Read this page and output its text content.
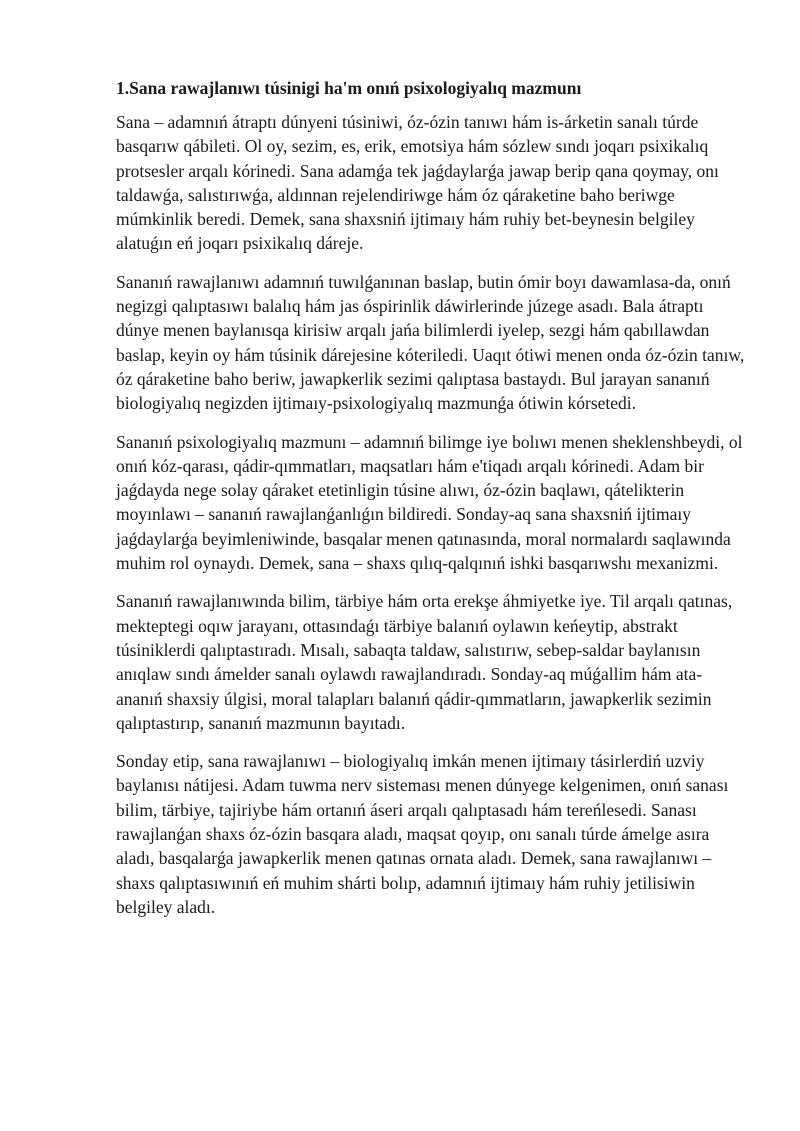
1.Sana rawajlanıwı túsinigi ha'm onıń psixologiyalıq mazmunı

Sana – adamnıń átraptı dúnyeni túsiniwi, óz-ózin tanıwı hám is-árketin sanalı túrde basqarıw qábileti. Ol oy, sezim, es, erik, emotsiya hám sózlew sındı joqarı psixikalıq protsesler arqalı kórinedi. Sana adamǵa tek jaǵdaylarǵa jawap berip qana qoymay, onı taldawǵa, salıstırıwǵa, aldınnan rejelendiriwge hám óz qáraketine baho beriwge múmkinlik beredi. Demek, sana shaxsniń ijtimaıy hám ruhiy bet-beynesin belgiley alatuǵın eń joqarı psixikalıq dáreje.

Sananıń rawajlanıwı adamnıń tuwılǵanınan baslap, butin ómir boyı dawamlasa-da, onıń negizgi qalıptasıwı balalıq hám jas óspirinlik dáwirlerinde júzege asadı. Bala átraptı dúnye menen baylanısqa kirisiw arqalı jańa bilimlerdi iyelep, sezgi hám qabıllawdan baslap, keyin oy hám túsinik dárejesine kóteriledi. Uaqıt ótiwi menen onda óz-ózin tanıw, óz qáraketine baho beriw, jawapkerlik sezimi qalıptasa bastaydı. Bul jarayan sananıń biologiyalıq negizden ijtimaıy-psixologiyalıq mazmunǵa ótiwin kórsetedi.

Sananıń psixologiyalıq mazmunı – adamnıń bilimge iye bolıwı menen sheklenshbeydi, ol onıń kóz-qarası, qádir-qımmatları, maqsatları hám e'tiqadı arqalı kórinedi. Adam bir jaǵdayda nege solay qáraket etetinligin túsine alıwı, óz-ózin baqlawı, qátelikterin moyınlawı – sananıń rawajlanǵanlıǵın bildiredi. Sonday-aq sana shaxsniń ijtimaıy jaǵdaylarǵa beyimleniwinde, basqalar menen qatınasında, moral normalardı saqlawında muhim rol oynaydı. Demek, sana – shaxs qılıq-qalqınıń ishki basqarıwshı mexanizmi.

Sananıń rawajlanıwında bilim, tärbiye hám orta erekşe áhmiyetke iye. Til arqalı qatınas, mekteptegi oqıw jarayanı, ottasındaǵı tärbiye balanıń oylawın keńeytip, abstrakt túsiniklerdi qalıptastıradı. Mısalı, sabaqta taldaw, salıstırıw, sebep-saldar baylanısın anıqlaw sındı ámelder sanalı oylawdı rawajlandıradı. Sonday-aq múǵallim hám ata-ananıń shaxsiy úlgisi, moral talapları balanıń qádir-qımmatların, jawapkerlik sezimin qalıptastırıp, sananıń mazmunın bayıtadı.

Sonday etip, sana rawajlanıwı – biologiyalıq imkán menen ijtimaıy tásirlerdiń uzviy baylanısı nátijesi. Adam tuwma nerv sisteması menen dúnyege kelgenimen, onıń sanası bilim, tärbiye, tajiriybe hám ortanıń áseri arqalı qalıptasadı hám tereńlesedi. Sanası rawajlanǵan shaxs óz-ózin basqara aladı, maqsat qoyıp, onı sanalı túrde ámelge asıra aladı, basqalarǵa jawapkerlik menen qatınas ornata aladı. Demek, sana rawajlanıwı – shaxs qalıptasıwınıń eń muhim shárti bolıp, adamnıń ijtimaıy hám ruhiy jetilisiwin belgiley aladı.
